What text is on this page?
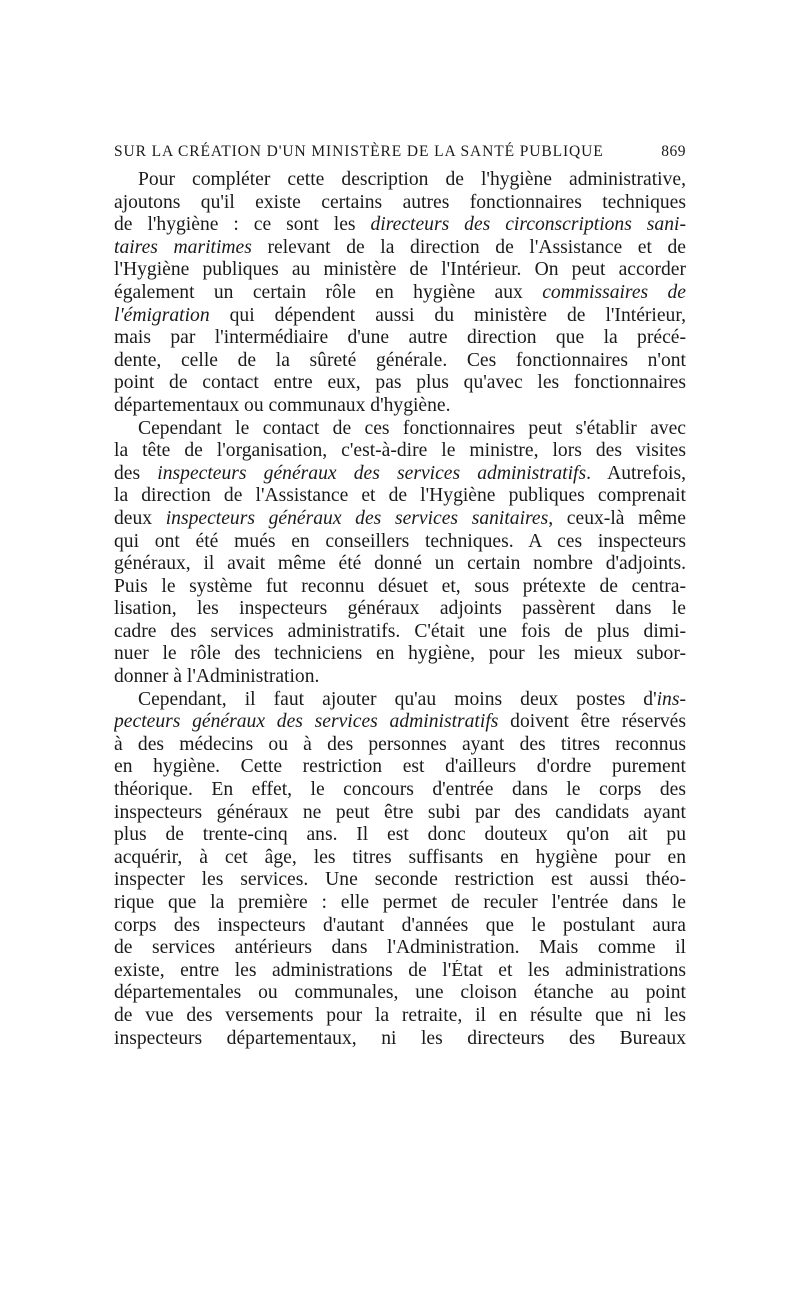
SUR LA CRÉATION D'UN MINISTÈRE DE LA SANTÉ PUBLIQUE	869
Pour compléter cette description de l'hygiène administrative,
ajoutons qu'il existe certains autres fonctionnaires techniques
de l'hygiène : ce sont les directeurs des circonscriptions sani-
taires maritimes relevant de la direction de l'Assistance et de
l'Hygiène publiques au ministère de l'Intérieur. On peut accorder
également un certain rôle en hygiène aux commissaires de
l'émigration qui dépendent aussi du ministère de l'Intérieur,
mais par l'intermédiaire d'une autre direction que la précé-
dente, celle de la sûreté générale. Ces fonctionnaires n'ont
point de contact entre eux, pas plus qu'avec les fonctionnaires
départementaux ou communaux d'hygiène.
Cependant le contact de ces fonctionnaires peut s'établir avec
la tête de l'organisation, c'est-à-dire le ministre, lors des visites
des inspecteurs généraux des services administratifs. Autrefois,
la direction de l'Assistance et de l'Hygiène publiques comprenait
deux inspecteurs généraux des services sanitaires, ceux-là même
qui ont été mués en conseillers techniques. A ces inspecteurs
généraux, il avait même été donné un certain nombre d'adjoints.
Puis le système fut reconnu désuet et, sous prétexte de centra-
lisation, les inspecteurs généraux adjoints passèrent dans le
cadre des services administratifs. C'était une fois de plus dimi-
nuer le rôle des techniciens en hygiène, pour les mieux subor-
donner à l'Administration.
Cependant, il faut ajouter qu'au moins deux postes d'ins-
pecteurs généraux des services administratifs doivent être réservés
à des médecins ou à des personnes ayant des titres reconnus
en hygiène. Cette restriction est d'ailleurs d'ordre purement
théorique. En effet, le concours d'entrée dans le corps des
inspecteurs généraux ne peut être subi par des candidats ayant
plus de trente-cinq ans. Il est donc douteux qu'on ait pu
acquérir, à cet âge, les titres suffisants en hygiène pour en
inspecter les services. Une seconde restriction est aussi théo-
rique que la première : elle permet de reculer l'entrée dans le
corps des inspecteurs d'autant d'années que le postulant aura
de services antérieurs dans l'Administration. Mais comme il
existe, entre les administrations de l'État et les administrations
départementales ou communales, une cloison étanche au point
de vue des versements pour la retraite, il en résulte que ni les
inspecteurs départementaux, ni les directeurs des Bureaux
